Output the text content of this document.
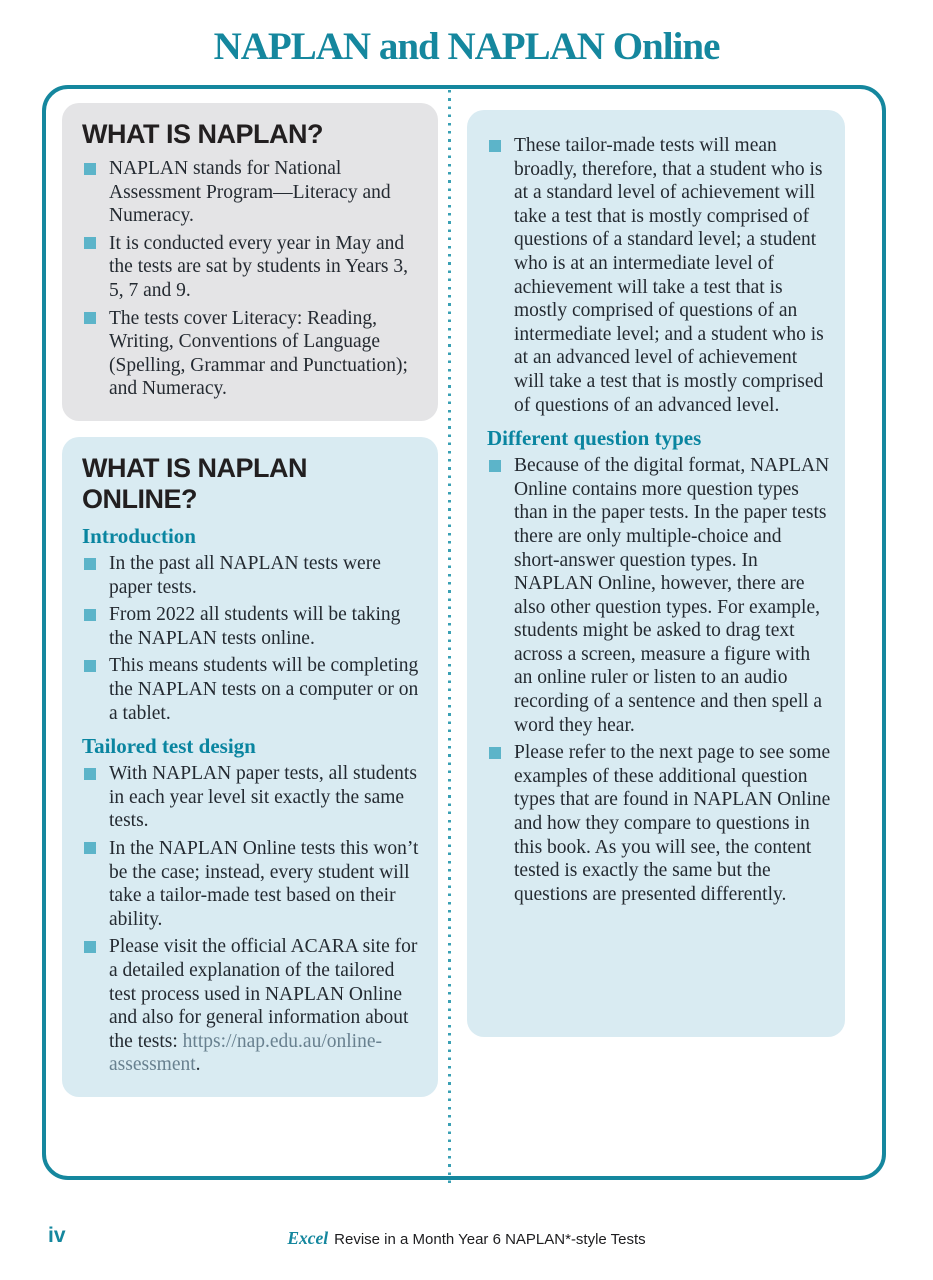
NAPLAN and NAPLAN Online
WHAT IS NAPLAN?
NAPLAN stands for National Assessment Program—Literacy and Numeracy.
It is conducted every year in May and the tests are sat by students in Years 3, 5, 7 and 9.
The tests cover Literacy: Reading, Writing, Conventions of Language (Spelling, Grammar and Punctuation); and Numeracy.
WHAT IS NAPLAN ONLINE?
Introduction
In the past all NAPLAN tests were paper tests.
From 2022 all students will be taking the NAPLAN tests online.
This means students will be completing the NAPLAN tests on a computer or on a tablet.
Tailored test design
With NAPLAN paper tests, all students in each year level sit exactly the same tests.
In the NAPLAN Online tests this won’t be the case; instead, every student will take a tailor-made test based on their ability.
Please visit the official ACARA site for a detailed explanation of the tailored test process used in NAPLAN Online and also for general information about the tests: https://nap.edu.au/online-assessment.
These tailor-made tests will mean broadly, therefore, that a student who is at a standard level of achievement will take a test that is mostly comprised of questions of a standard level; a student who is at an intermediate level of achievement will take a test that is mostly comprised of questions of an intermediate level; and a student who is at an advanced level of achievement will take a test that is mostly comprised of questions of an advanced level.
Different question types
Because of the digital format, NAPLAN Online contains more question types than in the paper tests. In the paper tests there are only multiple-choice and short-answer question types. In NAPLAN Online, however, there are also other question types. For example, students might be asked to drag text across a screen, measure a figure with an online ruler or listen to an audio recording of a sentence and then spell a word they hear.
Please refer to the next page to see some examples of these additional question types that are found in NAPLAN Online and how they compare to questions in this book. As you will see, the content tested is exactly the same but the questions are presented differently.
iv	Excel Revise in a Month Year 6 NAPLAN*-style Tests
